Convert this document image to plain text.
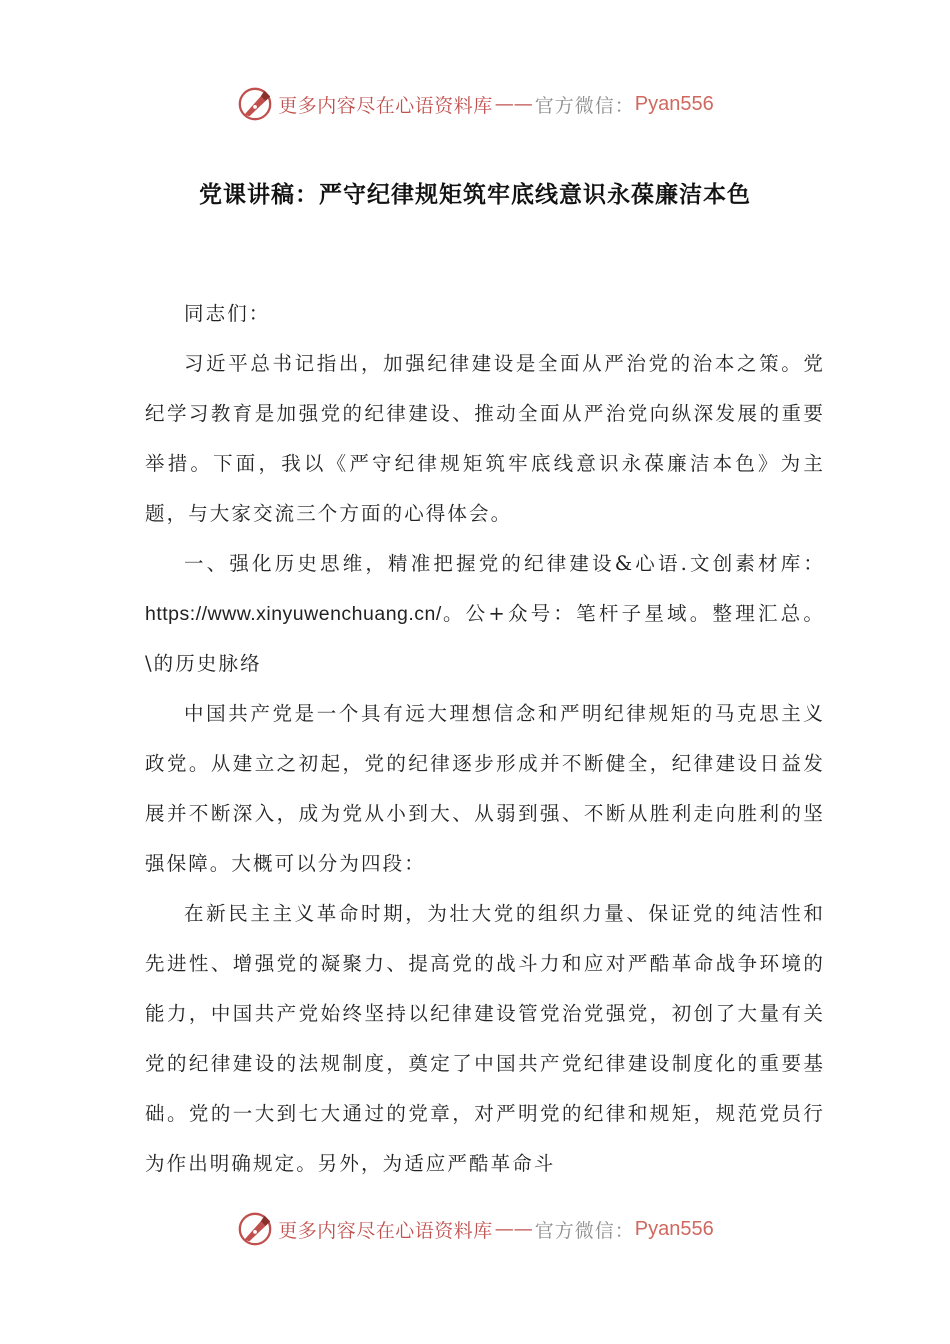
更多内容尽在心语资料库 —— 官方微信： Pyan556
党课讲稿：严守纪律规矩筑牢底线意识永葆廉洁本色

同志们：

习近平总书记指出，加强纪律建设是全面从严治党的治本之策。党纪学习教育是加强党的纪律建设、推动全面从严治党向纵深发展的重要举措。下面，我以《严守纪律规矩筑牢底线意识永葆廉洁本色》为主题，与大家交流三个方面的心得体会。

一、强化历史思维，精准把握党的纪律建设&心语.文创素材库：https://www.xinyuwenchuang.cn/。公+众号：笔杆子星域。整理汇总。\的历史脉络

中国共产党是一个具有远大理想信念和严明纪律规矩的马克思主义政党。从建立之初起，党的纪律逐步形成并不断健全，纪律建设日益发展并不断深入，成为党从小到大、从弱到强、不断从胜利走向胜利的坚强保障。大概可以分为四段：

在新民主主义革命时期，为壮大党的组织力量、保证党的纯洁性和先进性、增强党的凝聚力、提高党的战斗力和应对严酷革命战争环境的能力，中国共产党始终坚持以纪律建设管党治党强党，初创了大量有关党的纪律建设的法规制度，奠定了中国共产党纪律建设制度化的重要基础。党的一大到七大通过的党章，对严明党的纪律和规矩，规范党员行为作出明确规定。另外，为适应严酷革命斗

更多内容尽在心语资料库 —— 官方微信： Pyan556
